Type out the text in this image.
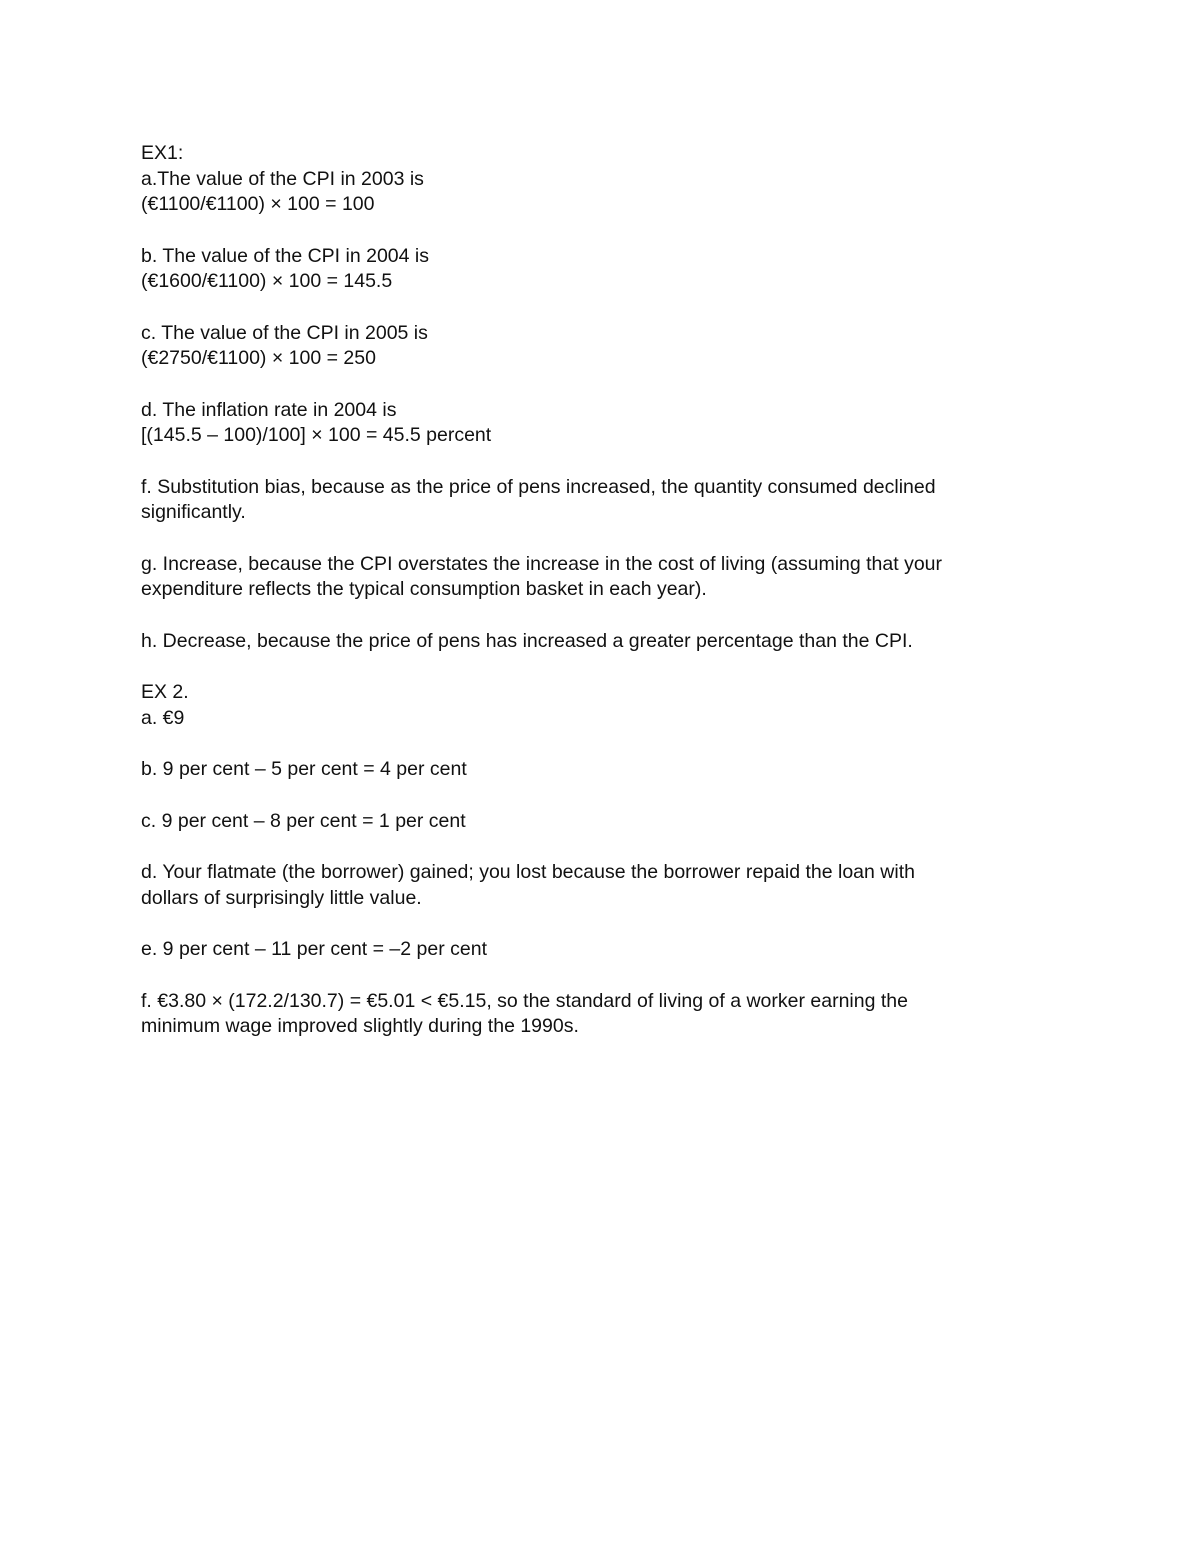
EX1:
a.The value of the CPI in 2003 is
(€1100/€1100) × 100 = 100
b. The value of the CPI in 2004 is
(€1600/€1100) × 100 = 145.5
c. The value of the CPI in 2005 is
(€2750/€1100) × 100 = 250
d. The inflation rate in 2004 is
[(145.5 – 100)/100] × 100 = 45.5 percent
f. Substitution bias, because as the price of pens increased, the quantity consumed declined
significantly.
g. Increase, because the CPI overstates the increase in the cost of living (assuming that your
expenditure reflects the typical consumption basket in each year).
h. Decrease, because the price of pens has increased a greater percentage than the CPI.
EX 2.
a. €9
b. 9 per cent – 5 per cent = 4 per cent
c. 9 per cent – 8 per cent = 1 per cent
d. Your flatmate (the borrower) gained; you lost because the borrower repaid the loan with
dollars of surprisingly little value.
e. 9 per cent – 11 per cent = –2 per cent
f. €3.80 × (172.2/130.7) = €5.01 < €5.15, so the standard of living of a worker earning the
minimum wage improved slightly during the 1990s.
